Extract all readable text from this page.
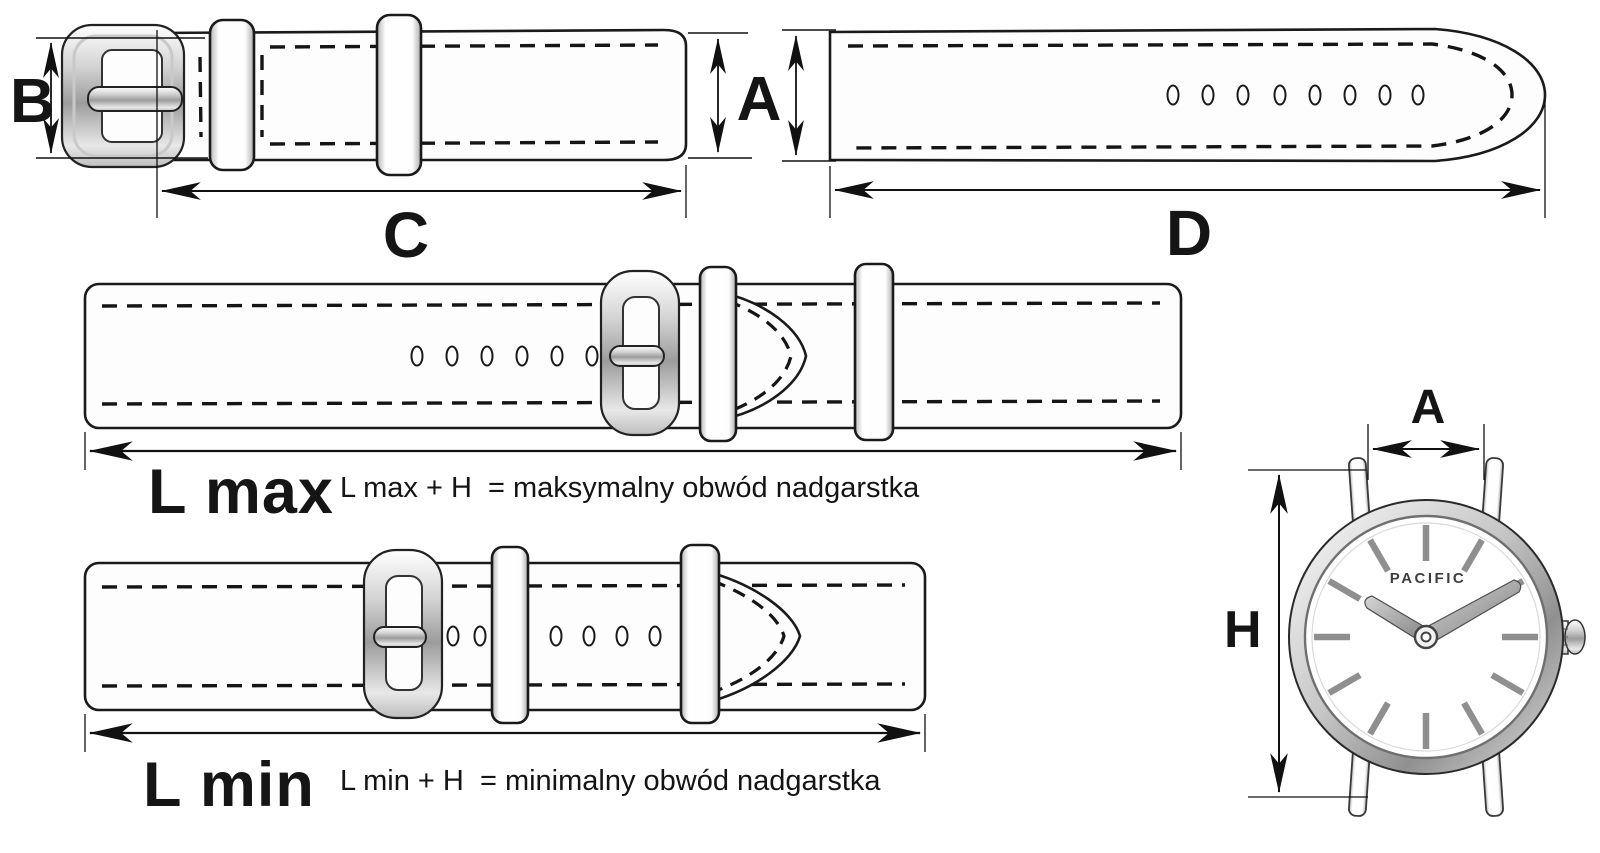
B
C
A
D
L max L max + H  = maksymalny obwód nadgarstka
L min L min + H  = minimalny obwód nadgarstka
A
H
PACIFIC
